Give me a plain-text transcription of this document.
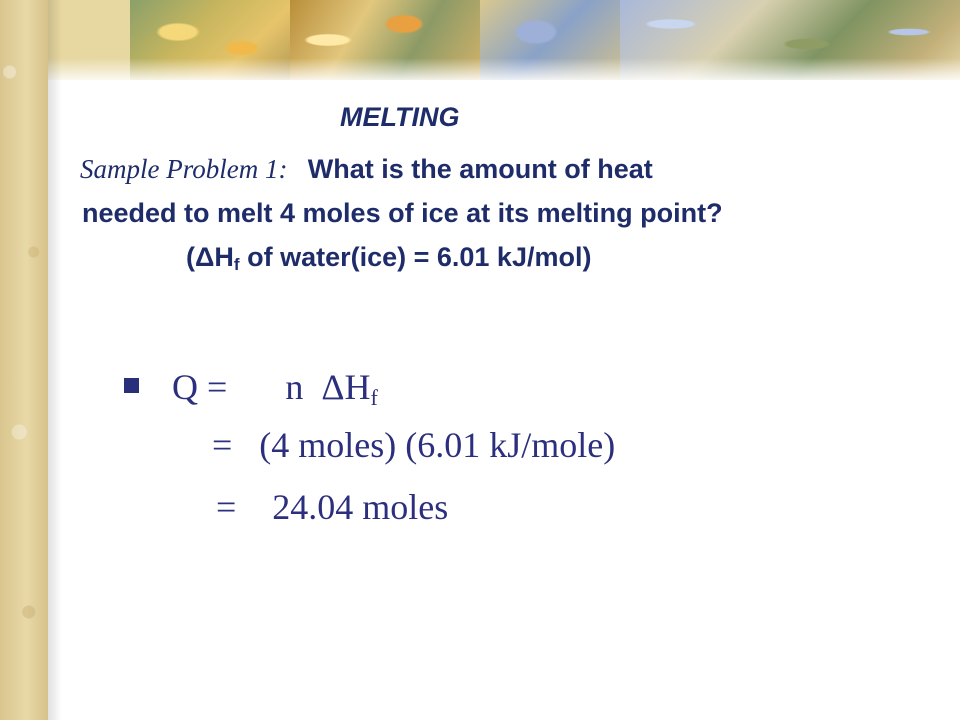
MELTING
Sample Problem 1: What is the amount of heat
needed to melt 4 moles of ice at its melting point?
($\Delta H_f$ of water(ice) = 6.01 kJ/mol)
Q = n ΔHf
=   (4 moles) (6.01 kJ/mole)
=    24.04 moles
